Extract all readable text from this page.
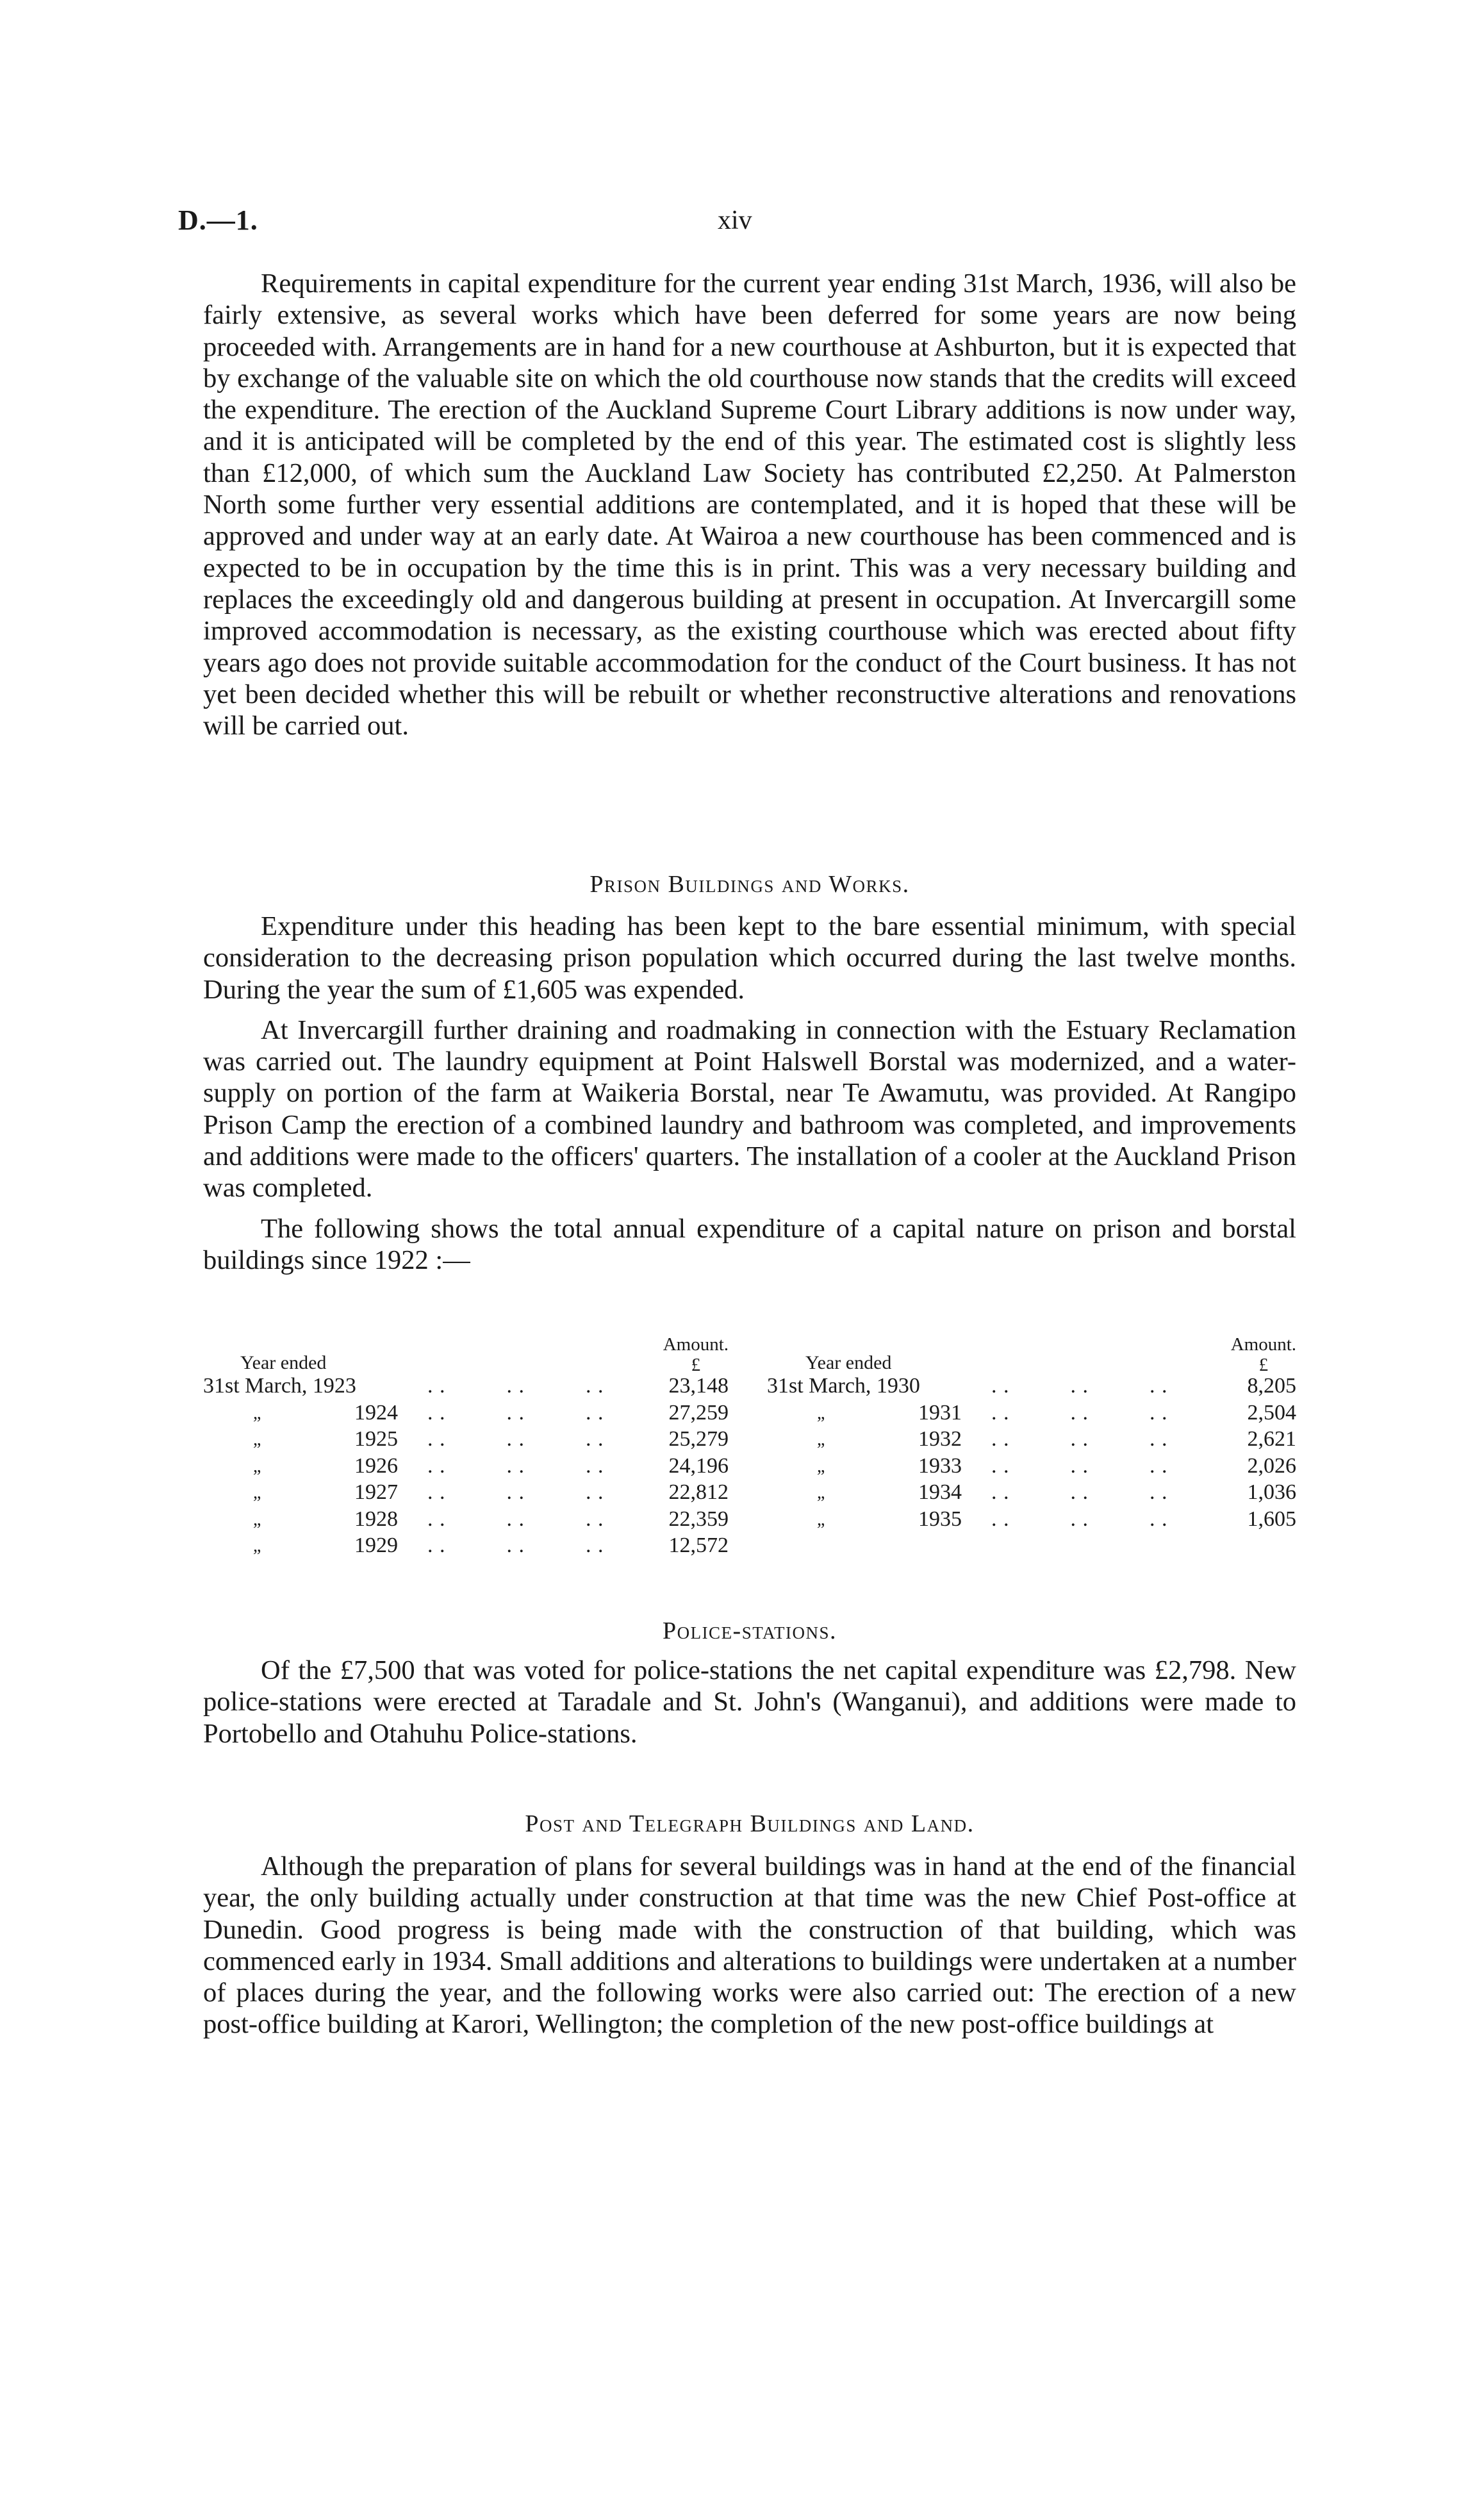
D.—1.	xiv

Requirements in capital expenditure for the current year ending 31st March, 1936, will also be fairly extensive, as several works which have been deferred for some years are now being proceeded with. Arrangements are in hand for a new courthouse at Ashburton, but it is expected that by exchange of the valuable site on which the old courthouse now stands that the credits will exceed the expenditure. The erection of the Auckland Supreme Court Library additions is now under way, and it is anticipated will be completed by the end of this year. The estimated cost is slightly less than £12,000, of which sum the Auckland Law Society has contributed £2,250. At Palmerston North some further very essential additions are contemplated, and it is hoped that these will be approved and under way at an early date. At Wairoa a new courthouse has been commenced and is expected to be in occupation by the time this is in print. This was a very necessary building and replaces the exceedingly old and dangerous building at present in occupation. At Invercargill some improved accommodation is necessary, as the existing courthouse which was erected about fifty years ago does not provide suitable accommodation for the conduct of the Court business. It has not yet been decided whether this will be rebuilt or whether reconstructive alterations and renovations will be carried out.

Prison Buildings and Works.

Expenditure under this heading has been kept to the bare essential minimum, with special consideration to the decreasing prison population which occurred during the last twelve months. During the year the sum of £1,605 was expended.

At Invercargill further draining and roadmaking in connection with the Estuary Reclamation was carried out. The laundry equipment at Point Halswell Borstal was modernized, and a water-supply on portion of the farm at Waikeria Borstal, near Te Awamutu, was provided. At Rangipo Prison Camp the erection of a combined laundry and bathroom was completed, and improvements and additions were made to the officers' quarters. The installation of a cooler at the Auckland Prison was completed.

The following shows the total annual expenditure of a capital nature on prison and borstal buildings since 1922 :—

Year ended
Amount.
£
31st March, 1923	. .          . .          . .	23,148
„	1924 . .          . .          . .	27,259
„	1925 . .          . .          . .	25,279
„	1926 . .          . .          . .	24,196
„	1927 . .          . .          . .	22,812
„	1928 . .          . .          . .	22,359
„	1929 . .          . .          . .	12,572
Year ended
Amount.
£
31st March, 1930	. .          . .          . .	8,205
„	1931 . .          . .          . .	2,504
„	1932 . .          . .          . .	2,621
„	1933 . .          . .          . .	2,026
„	1934 . .          . .          . .	1,036
„	1935 . .          . .          . .	1,605

Police-stations.

Of the £7,500 that was voted for police-stations the net capital expenditure was £2,798. New police-stations were erected at Taradale and St. John's (Wanganui), and additions were made to Portobello and Otahuhu Police-stations.

Post and Telegraph Buildings and Land.

Although the preparation of plans for several buildings was in hand at the end of the financial year, the only building actually under construction at that time was the new Chief Post-office at Dunedin. Good progress is being made with the construction of that building, which was commenced early in 1934. Small additions and alterations to buildings were undertaken at a number of places during the year, and the following works were also carried out: The erection of a new post-office building at Karori, Wellington; the completion of the new post-office buildings at
